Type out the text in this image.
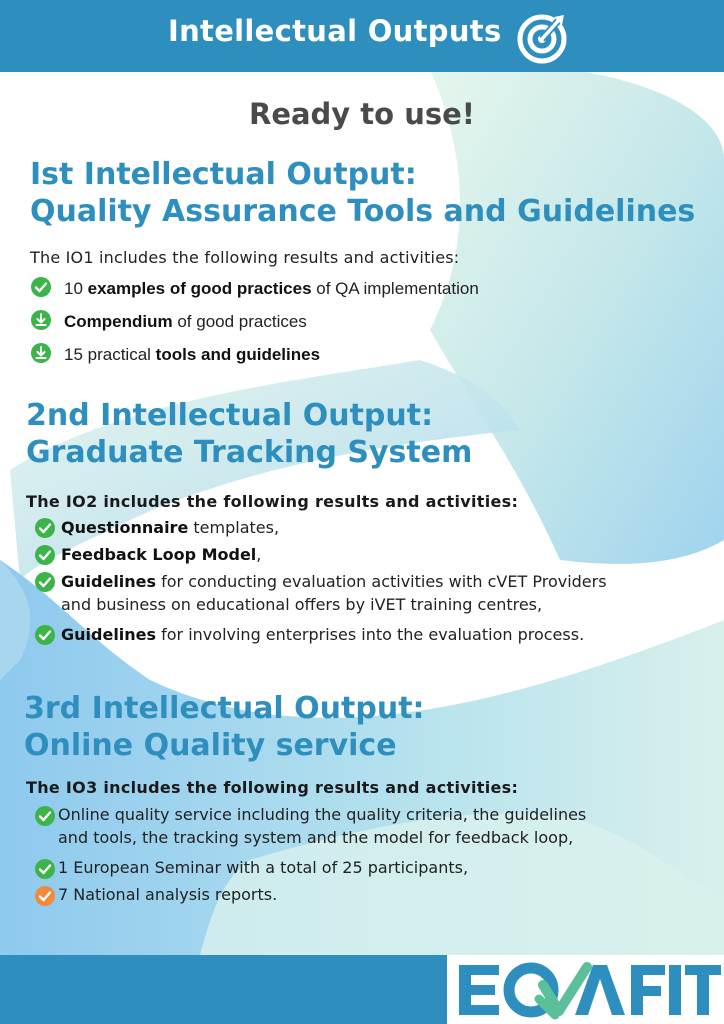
Intellectual Outputs
Ready to use!
Ist Intellectual Output:
Quality Assurance Tools and Guidelines
The IO1 includes the following results and activities:
10 examples of good practices of QA implementation
Compendium of good practices
15 practical tools and guidelines
2nd Intellectual Output:
Graduate Tracking System
The IO2 includes the following results and activities:
Questionnaire templates,
Feedback Loop Model,
Guidelines for conducting evaluation activities with cVET Providers
and business on educational offers by iVET training centres,
Guidelines for involving enterprises into the evaluation process.
3rd Intellectual Output:
Online Quality service
The IO3 includes the following results and activities:
Online quality service including the quality criteria, the guidelines
and tools, the tracking system and the model for feedback loop,
1 European Seminar with a total of 25 participants,
7 National analysis reports.
